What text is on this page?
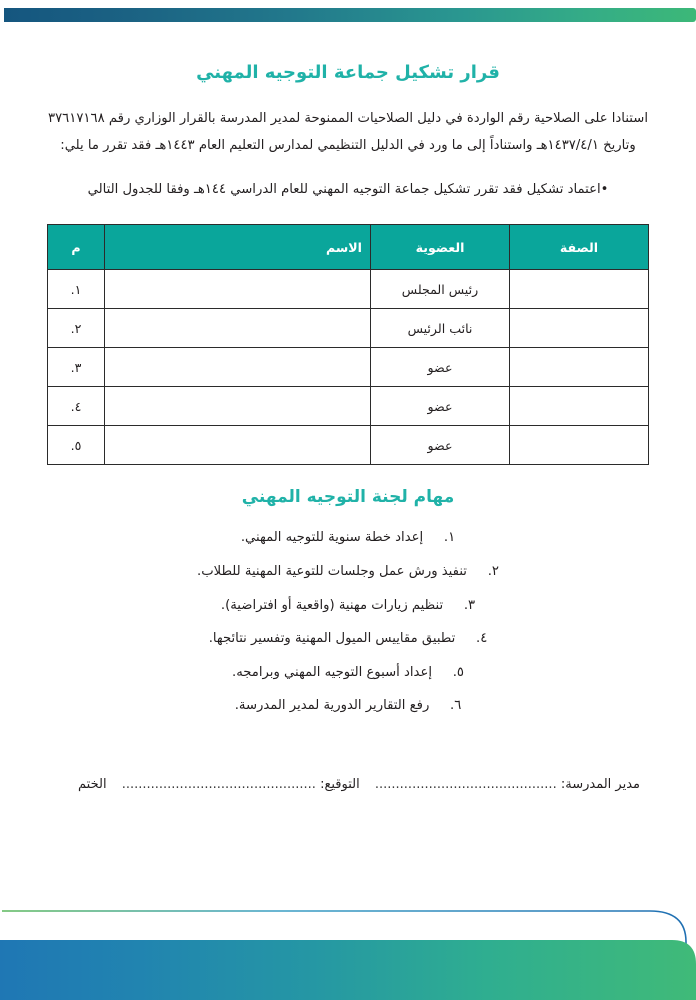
قرار تشكيل جماعة التوجيه المهني

استنادا على الصلاحية رقم الواردة في دليل الصلاحيات الممنوحة لمدير المدرسة بالقرار الوزاري رقم ٣٧٦١٧١٦٨

وتاريخ ١٤٣٧/٤/١هـ واستناداً إلى ما ورد في الدليل التنظيمي لمدارس التعليم العام ١٤٤٣هـ فقد تقرر ما يلي:

•اعتماد تشكيل فقد تقرر تشكيل جماعة التوجيه المهني للعام الدراسي ١٤٤هـ وفقا للجدول التالي
الصفة	العضوية	الاسم	م
	رئيس المجلس		١.
	نائب الرئيس		٢.
	عضو		٣.
	عضو		٤.
	عضو		٥.
مهام لجنة التوجيه المهني
١.
إعداد خطة سنوية للتوجيه المهني.
٢.
تنفيذ ورش عمل وجلسات للتوعية المهنية للطلاب.
٣.
تنظيم زيارات مهنية (واقعية أو افتراضية).
٤.
تطبيق مقاييس الميول المهنية وتفسير نتائجها.
٥.
إعداد أسبوع التوجيه المهني وبرامجه.
٦.
رفع التقارير الدورية لمدير المدرسة.
مدير المدرسة: ............................................
التوقيع: ...............................................
الختم
